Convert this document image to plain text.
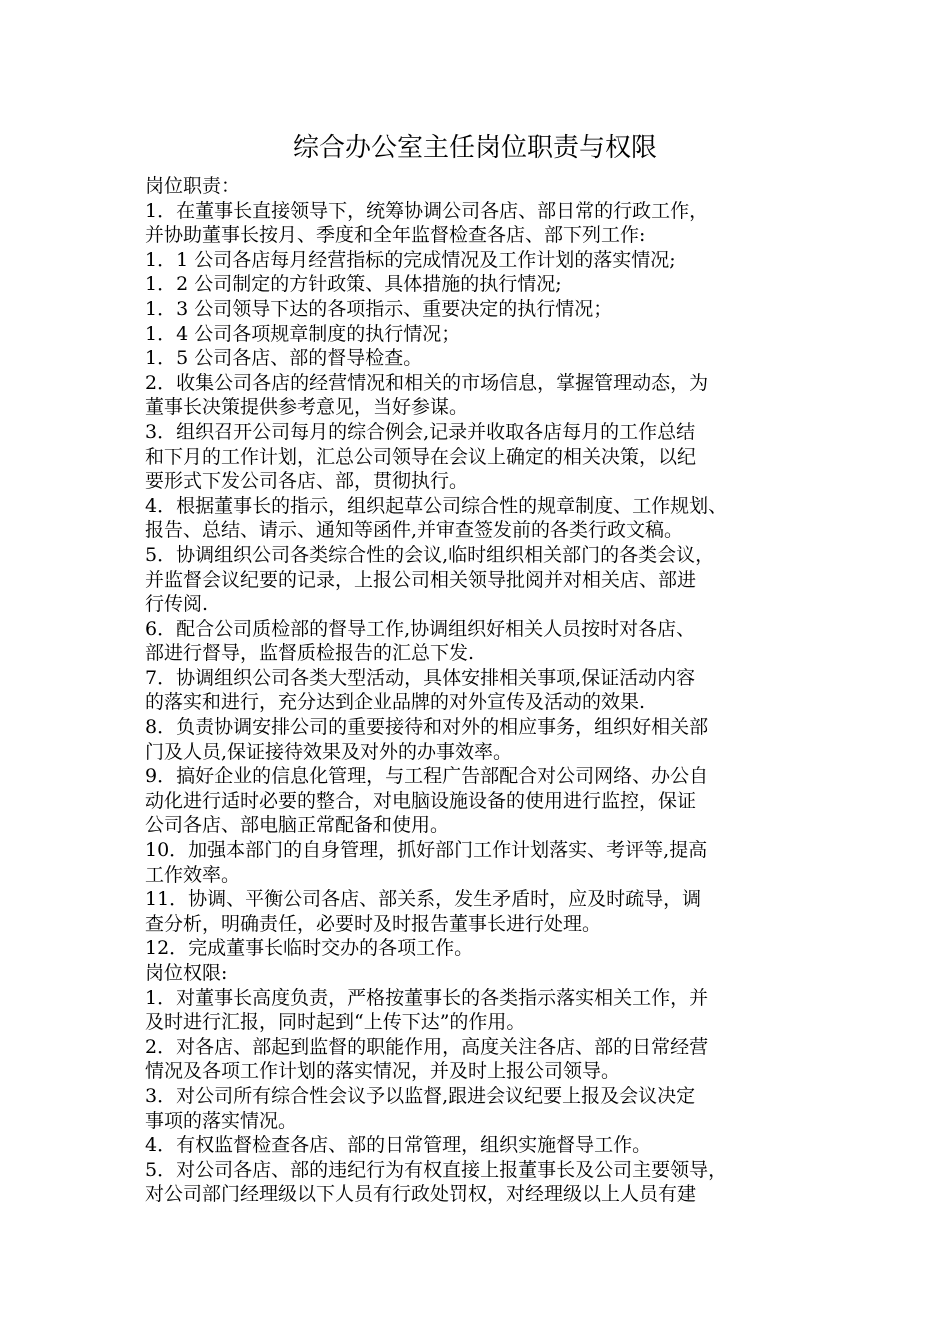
综合办公室主任岗位职责与权限

岗位职责：

1．在董事长直接领导下，统筹协调公司各店、部日常的行政工作，

并协助董事长按月、季度和全年监督检查各店、部下列工作:

1．1 公司各店每月经营指标的完成情况及工作计划的落实情况;

1．2 公司制定的方针政策、具体措施的执行情况;

1．3 公司领导下达的各项指示、重要决定的执行情况；

1．4 公司各项规章制度的执行情况；

1．5 公司各店、部的督导检查。

2．收集公司各店的经营情况和相关的市场信息，掌握管理动态，为

董事长决策提供参考意见，当好参谋。

3．组织召开公司每月的综合例会,记录并收取各店每月的工作总结

和下月的工作计划，汇总公司领导在会议上确定的相关决策，以纪

要形式下发公司各店、部，贯彻执行。

4．根据董事长的指示，组织起草公司综合性的规章制度、工作规划、

报告、总结、请示、通知等函件,并审查签发前的各类行政文稿。

5．协调组织公司各类综合性的会议,临时组织相关部门的各类会议，

并监督会议纪要的记录，上报公司相关领导批阅并对相关店、部进

行传阅.

6．配合公司质检部的督导工作,协调组织好相关人员按时对各店、

部进行督导，监督质检报告的汇总下发.

7．协调组织公司各类大型活动，具体安排相关事项,保证活动内容

的落实和进行，充分达到企业品牌的对外宣传及活动的效果.

8．负责协调安排公司的重要接待和对外的相应事务，组织好相关部

门及人员,保证接待效果及对外的办事效率。

9．搞好企业的信息化管理，与工程广告部配合对公司网络、办公自

动化进行适时必要的整合，对电脑设施设备的使用进行监控，保证

公司各店、部电脑正常配备和使用。

10．加强本部门的自身管理，抓好部门工作计划落实、考评等,提高

工作效率。

11．协调、平衡公司各店、部关系，发生矛盾时，应及时疏导，调

查分析，明确责任，必要时及时报告董事长进行处理。

12．完成董事长临时交办的各项工作。

岗位权限:

1．对董事长高度负责，严格按董事长的各类指示落实相关工作，并

及时进行汇报，同时起到“上传下达”的作用。

2．对各店、部起到监督的职能作用，高度关注各店、部的日常经营

情况及各项工作计划的落实情况，并及时上报公司领导。

3．对公司所有综合性会议予以监督,跟进会议纪要上报及会议决定

事项的落实情况。

4．有权监督检查各店、部的日常管理，组织实施督导工作。

5．对公司各店、部的违纪行为有权直接上报董事长及公司主要领导，

对公司部门经理级以下人员有行政处罚权，对经理级以上人员有建
